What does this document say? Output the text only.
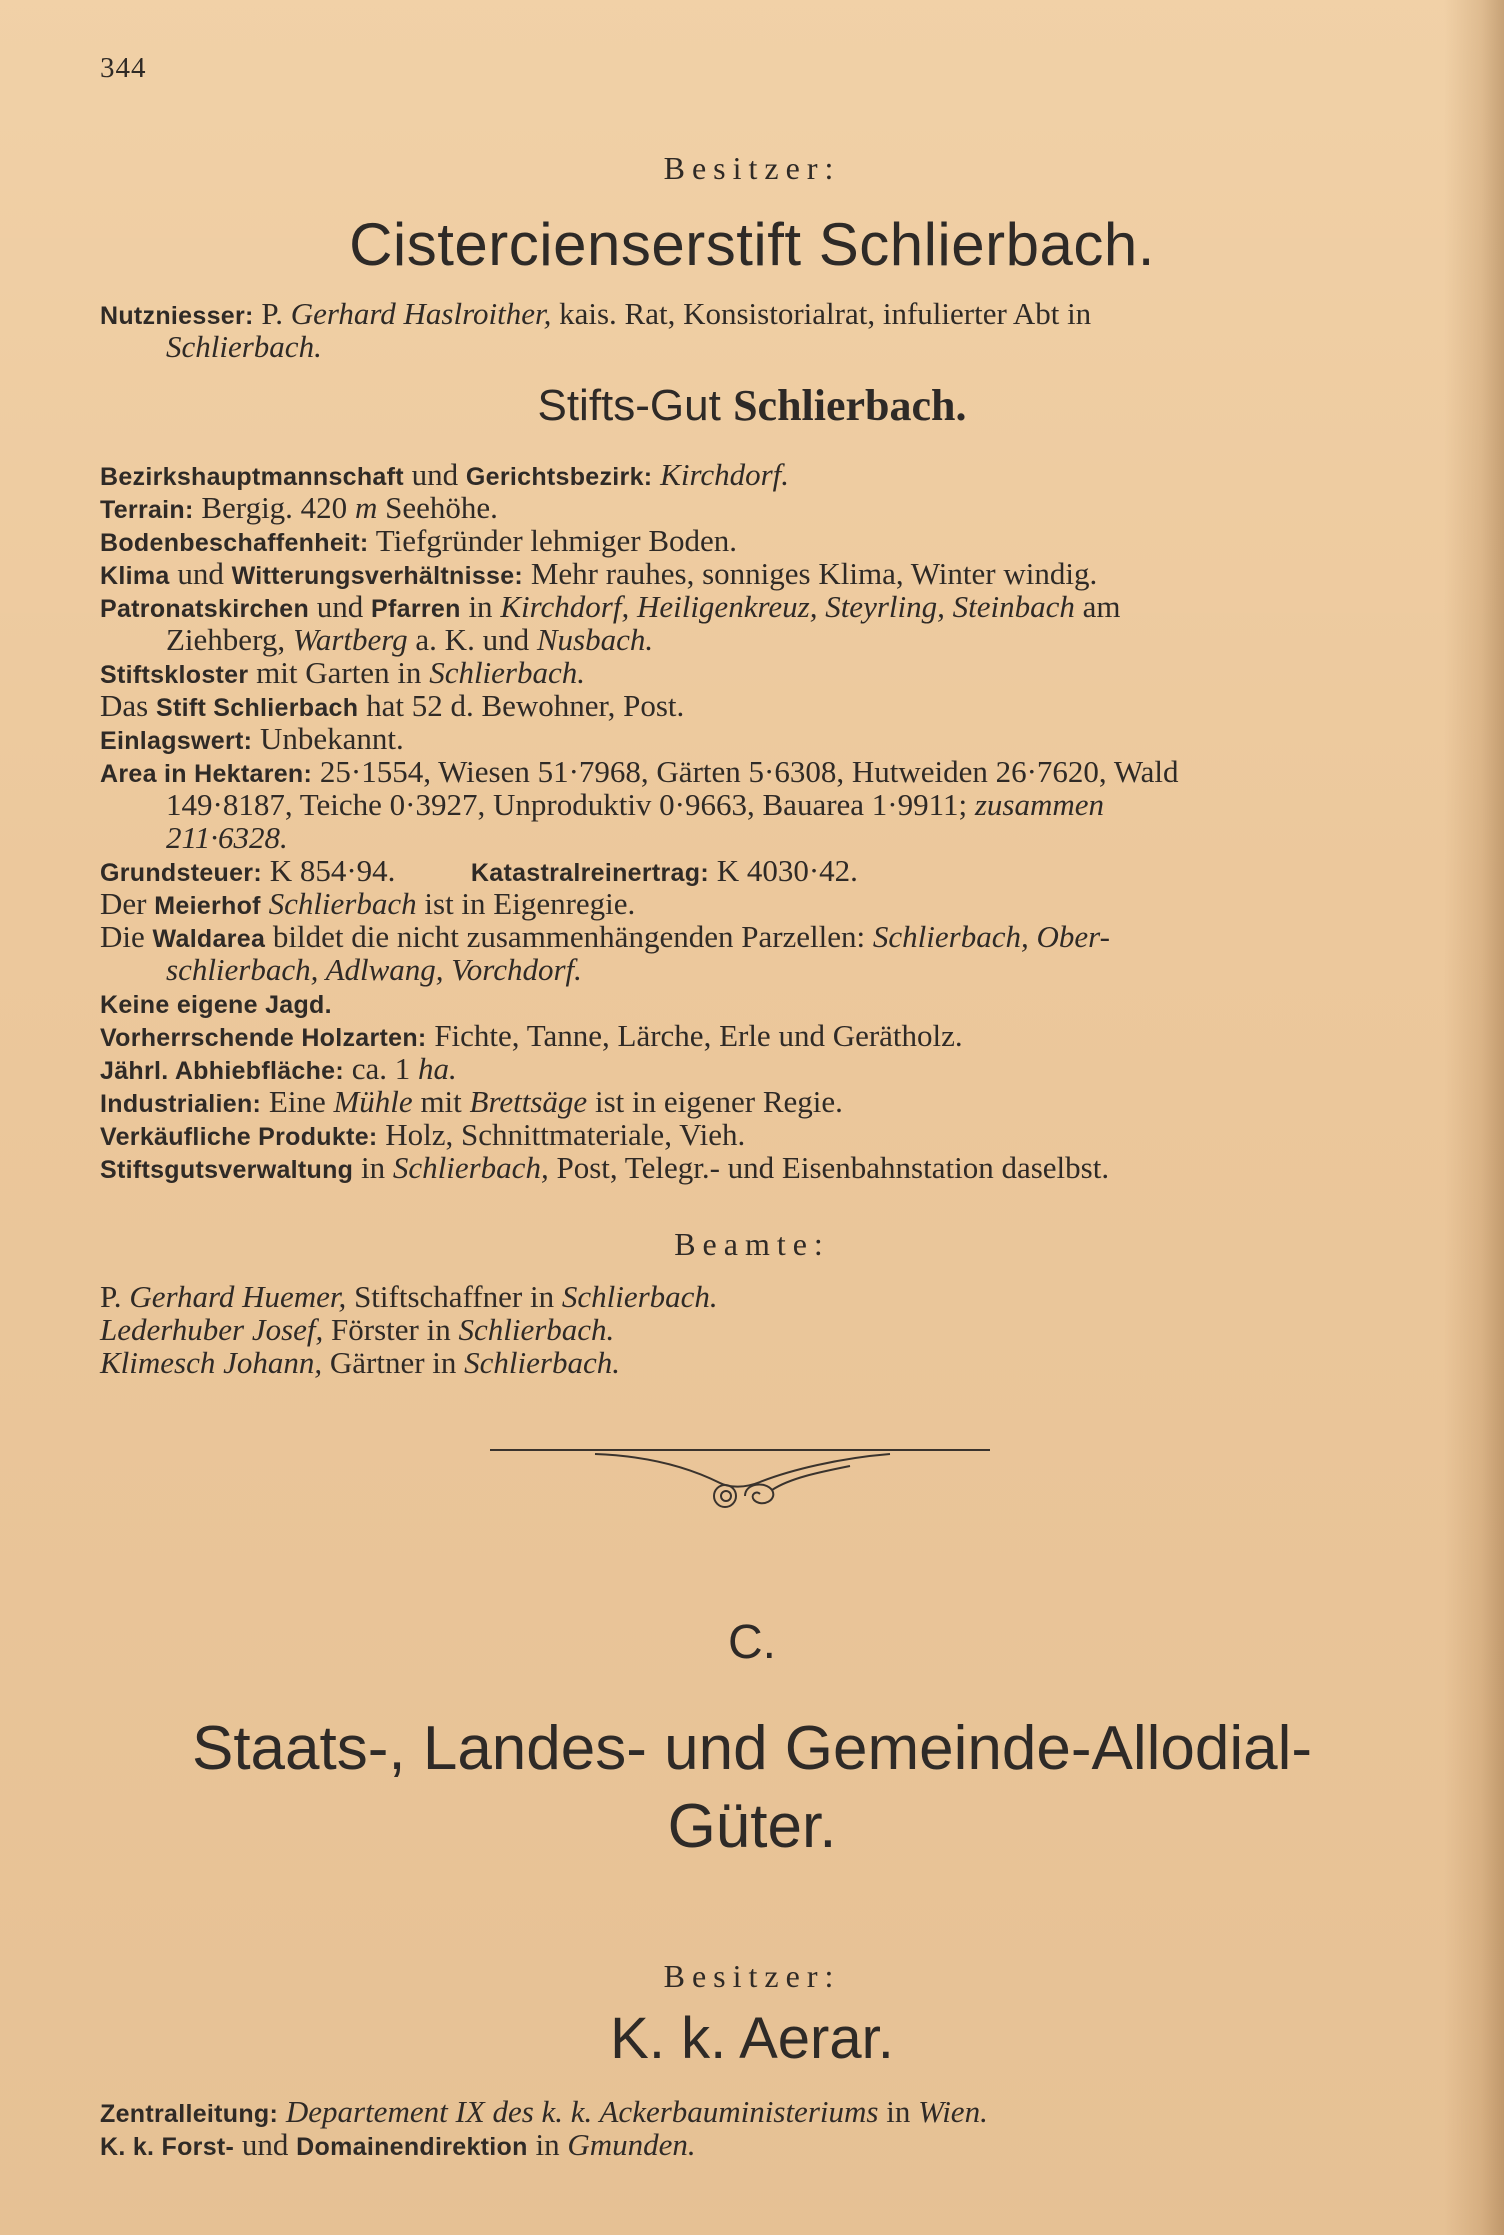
344
Besitzer:
Cistercienserstift Schlierbach.
Nutzniesser: P. Gerhard Haslroither, kais. Rat, Konsistorialrat, infulierter Abt in
Schlierbach.
Stifts-Gut Schlierbach.
Bezirkshauptmannschaft und Gerichtsbezirk: Kirchdorf.
Terrain: Bergig. 420 m Seehöhe.
Bodenbeschaffenheit: Tiefgründer lehmiger Boden.
Klima und Witterungsverhältnisse: Mehr rauhes, sonniges Klima, Winter windig.
Patronatskirchen und Pfarren in Kirchdorf, Heiligenkreuz, Steyrling, Steinbach am
Ziehberg, Wartberg a. K. und Nusbach.
Stiftskloster mit Garten in Schlierbach.
Das Stift Schlierbach hat 52 d. Bewohner, Post.
Einlagswert: Unbekannt.
Area in Hektaren: 25·1554, Wiesen 51·7968, Gärten 5·6308, Hutweiden 26·7620, Wald
149·8187, Teiche 0·3927, Unproduktiv 0·9663, Bauarea 1·9911; zusammen
211·6328.
Grundsteuer: K 854·94.	Katastralreinertrag: K 4030·42.
Der Meierhof Schlierbach ist in Eigenregie.
Die Waldarea bildet die nicht zusammenhängenden Parzellen: Schlierbach, Ober-
schlierbach, Adlwang, Vorchdorf.
Keine eigene Jagd.
Vorherrschende Holzarten: Fichte, Tanne, Lärche, Erle und Gerätholz.
Jährl. Abhiebfläche: ca. 1 ha.
Industrialien: Eine Mühle mit Brettsäge ist in eigener Regie.
Verkäufliche Produkte: Holz, Schnittmateriale, Vieh.
Stiftsgutsverwaltung in Schlierbach, Post, Telegr.- und Eisenbahnstation daselbst.
Beamte:
P. Gerhard Huemer, Stiftschaffner in Schlierbach.
Lederhuber Josef, Förster in Schlierbach.
Klimesch Johann, Gärtner in Schlierbach.
C.
Staats-, Landes- und Gemeinde-Allodial-
Güter.
Besitzer:
K. k. Aerar.
Zentralleitung: Departement IX des k. k. Ackerbauministeriums in Wien.
K. k. Forst- und Domainendirektion in Gmunden.
